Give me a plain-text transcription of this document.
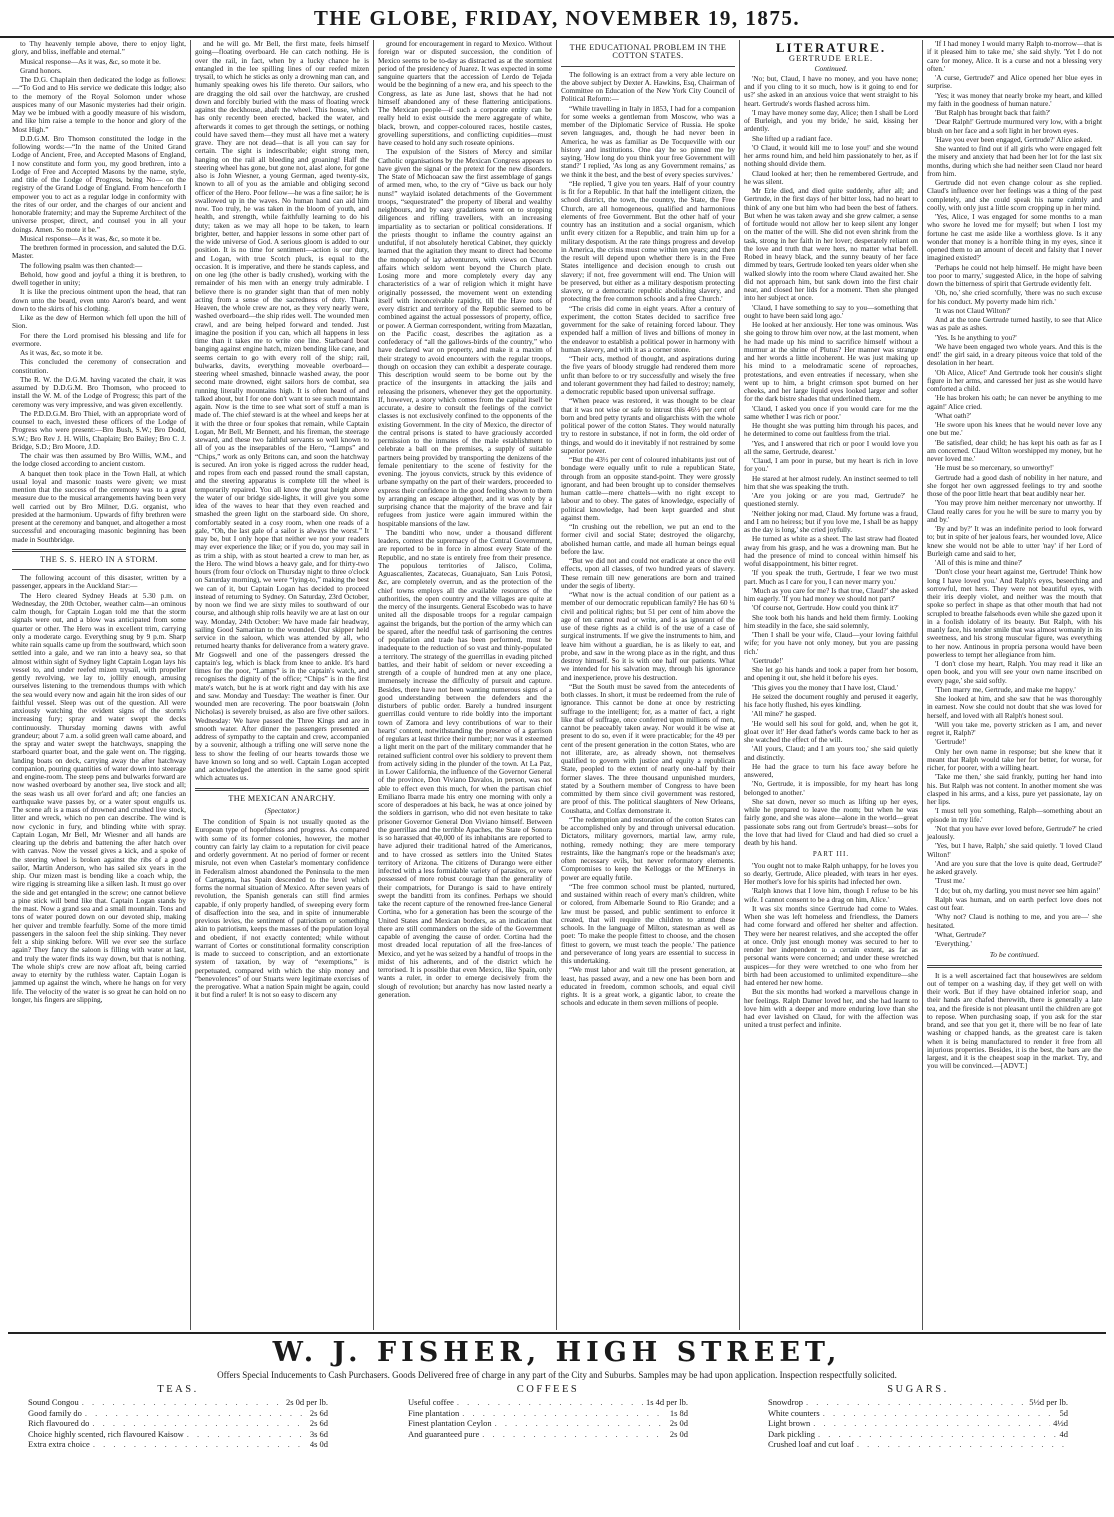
THE GLOBE, FRIDAY, NOVEMBER 19, 1875.

to Thy heavenly temple above, there to enjoy light, glory, and bliss, ineffable and eternal.”

Musical response—As it was, &c, so mote it be.

Grand honors.

The D.G. Chaplain then dedicated the lodge as follows:—“To God and to His service we dedicate this lodge; also to the memory of the Royal Solomon under whose auspices many of our Masonic mysteries had their origin. May we be imbued with a goodly measure of his wisdom, and like him raise a temple to the honor and glory of the Most High.”

D.D.G.M. Bro Thomson constituted the lodge in the following words:—“In the name of the United Grand Lodge of Ancient, Free, and Accepted Masons of England, I now constitute and form you, my good brethren, into a Lodge of Free and Accepted Masons by the name, style, and title of the Lodge of Progress, being No— on the registry of the Grand Lodge of England. From henceforth I empower you to act as a regular lodge in conformity with the rites of our order, and the charges of our ancient and honorable fraternity; and may the Supreme Architect of the universe prosper, direct, and counsel you in all your doings. Amen. So mote it be.”

Musical response—As it was, &c, so mote it be.

The brethren formed in procession, and saluted the D.G. Master.

The following psalm was then chanted:—

Behold, how good and joyful a thing it is brethren, to dwell together in unity;

It is like the precious ointment upon the head, that ran down unto the beard, even unto Aaron's beard, and went down to the skirts of his clothing.

Like as the dew of Hermon which fell upon the hill of Sion.

For there the Lord promised his blessing and life for evermore.

As it was, &c, so mote it be.

This concluded the ceremony of consecration and constitution.

The R. W. the D.G.M. having vacated the chair, it was assumed by D.D.G.M. Bro Thomson, who proceed to install the W. M. of the Lodge of Progress; this part of the ceremony was very impressive, and was given excellently.

The P.D.D.G.M. Bro Thiel, with an appropriate word of counsel to each, invested these officers of the Lodge of Progress who were present:—Bro Bush, S.W.; Bro Dodd, S.W.; Bro Rev J. H. Wills, Chaplain; Bro Bailey; Bro C. J. Bridge, S.D.; Bro Moore, J.D.

The chair was then assumed by Bro Willis, W.M., and the lodge closed according to ancient custom.

A banquet then took place in the Town Hall, at which usual loyal and masonic toasts were given; we must mention that the success of the ceremony was to a great measure due to the musical arrangements having been very well carried out by Bro Milner, D.G. organist, who presided at the harmonium. Upwards of fifty brethren were present at the ceremony and banquet, and altogether a most successful and encouraging masonic beginning has been made in Southbridge.

THE S. S. HERO IN A STORM.

The following account of this disaster, written by a passenger, appears in the Auckland Star:—

The Hero cleared Sydney Heads at 5.30 p.m. on Wednesday, the 20th October, weather calm—an ominous calm though, for Captain Logan told me that the storm signals were out, and a blow was anticipated from some quarter or other. The Hero was in excellent trim, carrying only a moderate cargo. Everything snug by 9 p.m. Sharp white rain squalls came up from the southward, which soon settled into a gale, and we ran into a heavy sea, so that almost within sight of Sydney light Captain Logan lays his vessel to, and under reefed mizen trysail, with propeller gently revolving, we lay to, jollily enough, amusing ourselves listening to the tremendous thumps with which the sea would every now and again hit the iron sides of our faithful vessel. Sleep was out of the question. All were anxiously watching the evident signs of the storm's increasing fury; spray and water swept the decks continuously. Thursday morning dawns with awful grandeur; about 7 a.m. a solid green wall came aboard, and the spray and water swept the hatchways, snapping the starboard quarter boat, and the gale went on. The rigging, landing boats on deck, carrying away the after hatchway companion, pouring quantities of water down into steerage and engine-room. The steep pens and bulwarks forward are now washed overboard by another sea, live stock and all; the seas wash us all over for'ard and aft; one fancies an earthquake wave passes by, or a water spout engulfs us. The scene aft is a mass of drowned and crushed live stock, litter and wreck, which no pen can describe. The wind is now cyclonic in fury, and blinding white with spray. Captain Logan, Mr Bell, Mr Wiesner and all hands are clearing up the debris and battening the after hatch over with canvas. Now the vessel gives a kick, and a spoke of the steering wheel is broken against the ribs of a good sailor, Martin Anderson, who has sailed six years in the ship. Our mizen mast is bending like a coach whip, the wire rigging is streaming like a silken lash. It must go over the side and get entangled in the screw; one cannot believe a pine stick will bend like that. Captain Logan stands by the mast. Now a grand sea and a small mountain. Tons and tons of water poured down on our devoted ship, making her quiver and tremble fearfully. Some of the more timid passengers in the saloon feel the ship sinking. They never felt a ship sinking before. Will we ever see the surface again? They fancy the saloon is filling with water at last, and truly the water finds its way down, but that is nothing. The whole ship's crew are now afloat aft, being carried away to eternity by the ruthless water. Captain Logan is jammed up against the winch, where he hangs on for very life. The velocity of the water is so great he can hold on no longer, his fingers are slipping,

and he will go. Mr Bell, the first mate, feels himself going—floating overboard. He can catch nothing. He is over the rail, in fact, when by a lucky chance he is entangled in the lee spilling lines of our reefed mizen trysail, to which he sticks as only a drowning man can, and humanly speaking owes his life thereto. Our sailors, who are dragging the old sail over the hatchway, are crushed down and forcibly buried with the mass of floating wreck against the deckhouse, abaft the wheel. This house, which has only recently been erected, backed the water, and afterwards it comes to get through the settings, or nothing could have saved them—they must all have met a watery grave. They are not dead—that is all you can say for certain. The sight is indescribable; eight strong men, hanging on the rail all bleeding and groaning! Half the steering wheel has gone, but gone not, alas! alone, for gone also is John Wiesner, a young German, aged twenty-six, known to all of you as the amiable and obliging second officer of the Hero. Poor fellow—he was a fine sailor; he is swallowed up in the waves. No human hand can aid him now. Too truly, he was taken in the bloom of youth, and health, and strength, while faithfully learning to do his duty; taken as we may all hope to be taken, to learn brighter, better, and happier lessons in some other part of the wide universe of God. A serious gloom is added to our position. It is no time for sentiment—action is our duty, and Logan, with true Scotch pluck, is equal to the occasion. It is imperative, and there he stands capless, and on one leg (the other is badly crushed), working with the remainder of his men with an energy truly admirable. I believe there is no grander sight than that of men nobly acting from a sense of the sacredness of duty. Thank Heaven, the whole crew are not, as they very nearly were, washed overboard—the ship rides well. The wounded men crawl, and are being helped forward and tended. Just imagine the position if you can, which all happens in less time than it takes me to write one line. Starboard boat banging against engine hatch, mizen bending like cane, and seems certain to go with every roll of the ship; rail, bulwarks, davits, everything moveable overboard—steering wheel smashed, binnacle washed away, the poor second mate drowned, eight sailors hors de combat, sea running literally mountains high. It is often heard of and talked about, but I for one don't want to see such mountains again. Now is the time to see what sort of stuff a man is made of. The chief steward is at the wheel and keeps her at it with the three or four spokes that remain, while Captain Logan, Mr Bell, Mr Bennett, and his fireman, the steerage steward, and these two faithful servants so well known to all of you as the inseparables of the Hero, “Lamps” and “Chips,” work as only Britons can, and soon the hatchway is secured. An iron yoke is rigged across the rudder head, and ropes from each end passed round the small capstan, and the steering apparatus is complete till the wheel is temporarily repaired. You all know the great height above the water of our bridge side-lights, it will give you some idea of the waves to hear that they even reached and smashed the green light on the starboard side. On shore, comfortably seated in a cosy room, when one reads of a gale, “Oh, the last gale of a sailor is always the worst.” It may be, but I only hope that neither we nor your readers may ever experience the like; or if you do, you may sail in as trim a ship, with as stout hearted a crew to man her, as the Hero. The wind blows a heavy gale, and for thirty-two hours (from four o'clock on Thursday night to three o'clock on Saturday morning), we were “lying-to,” making the best we can of it, but Captain Logan has decided to proceed instead of returning to Sydney. On Saturday, 23rd October, by noon we find we are sixty miles to southward of our course, and although ship rolls heavily we are at last on our way. Monday, 24th October: We have made fair headway, sailing Good Samaritan to the wounded. Our skipper held service in the saloon, which was attended by all, who returned hearty thanks for deliverance from a watery grave. Mr Gogswell and one of the passengers dressed the captain's leg, which is black from knee to ankle. It's hard times for the poor, “Lamps” is in the captain's watch, and recognises the dignity of the office; “Chips” is in the first mate's watch, but he is at work right and day with his axe and saw. Monday and Tuesday: The weather is finer. Our wounded men are recovering. The poor boatswain (John Nicholas) is severely bruised, as also are five other sailors. Wednesday: We have passed the Three Kings and are in smooth water. After dinner the passengers presented an address of sympathy to the captain and crew, accompanied by a souvenir, although a trifling one will serve none the less to show the feeling of our hearts towards those we have known so long and so well. Captain Logan accepted and acknowledged the attention in the same good spirit which actuates us.

THE MEXICAN ANARCHY.
(Spectator.)

The condition of Spain is not usually quoted as the European type of hopefulness and progress. As compared with some of its former colonies, however, the mother country can fairly lay claim to a reputation for civil peace and orderly government. At no period of former or recent misrule, not even when Castelar's momentary confidence in Federalism almost abandoned the Peninsula to the men of Cartagena, has Spain descended to the level which forms the normal situation of Mexico. After seven years of revolution, the Spanish generals can still find armies capable, if only properly handled, of sweeping every form of disaffection into the sea, and in spite of innumerable previous levies, the sentiment of patriotism or something akin to patriotism, keeps the masses of the population loyal and obedient, if not exactly contented; while without warrant of Cortes or constitutional formality conscription is made to succeed to conscription, and an extortionate system of taxation, by way of “exemptions,” is perpetuated, compared with which the ship money and “benevolences” of our Stuarts were legitimate exercises of the prerogative. What a nation Spain might be again, could it but find a ruler! It is not so easy to discern any

ground for encouragement in regard to Mexico. Without foreign war or disputed succession, the condition of Mexico seems to be to-day as distracted as at the stormiest period of the presidency of Juarez. It was expected in some sanguine quarters that the accession of Lerdo de Tejada would be the beginning of a new era, and his speech to the Congress, as late as June last, shows that he had not himself abandoned any of these flattering anticipations. The Mexican people—if such a corporate entity can be really held to exist outside the mere aggregate of white, black, brown, and copper-coloured races, hostile castes, grovelling superstitions, and conflicting cupidities—must have ceased to hold any such roseate opinions.

The expulsion of the Sisters of Mercy and similar Catholic organisations by the Mexican Congress appears to have given the signal or the pretext for the new disorders. The State of Michoacan saw the first assemblage of gangs of armed men, who, to the cry of “Give us back our holy nuns!” waylaid isolated detachments of the Government troops, “sequestrated” the property of liberal and wealthy neighbours, and by easy gradations went on to stopping diligences and rifling travellers, with an increasing impartiality as to sectarian or political considerations. If the priests thought to inflame the country against an undutiful, if not absolutely heretical Cabinet, they quickly learned that the agitation they meant to direct had become the monopoly of lay adventurers, with views on Church affairs which seldom went beyond the Church plate. Losing more and more completely every day any characteristics of a war of religion which it might have originally possessed, the movement went on extending itself with inconceivable rapidity, till the Have nots of every district and territory of the Republic seemed to be combined against the actual possessors of property, office, or power. A German correspondent, writing from Mazatlan, on the Pacific coast, describes the agitation as a confederacy of “all the gallows-birds of the country,” who have declared war on property, and make it a maxim of their strategy to avoid encounters with the regular troops, though on occasion they can exhibit a desperate courage. This description would seem to be borne out by the practice of the insurgents in attacking the jails and releasing the prisoners, whenever they get the opportunity. If, however, a story which comes from the capital itself be accurate, a desire to consult the feelings of the convict classes is not exclusively confined to the opponents of the existing Government. In the city of Mexico, the director of the central prisons is stated to have graciously accorded permission to the inmates of the male establishment to celebrate a ball on the premises, a supply of suitable partners being provided by transporting the denizens of the female penitentiary to the scene of festivity for the evening. The joyous convicts, struck by this evidence of urbane sympathy on the part of their warders, proceeded to express their confidence in the good feeling shown to them by arranging an escape altogether, and it was only by a surprising chance that the majority of the brave and fair refugees from justice were again immured within the hospitable mansions of the law.

The banditti who now, under a thousand different leaders, contest the supremacy of the Central Government, are reported to be in force in almost every State of the Republic, and no state is entirely free from their presence. The populous territories of Jalisco, Colima, Aguascalientes, Zacatecas, Guanajuato, San Luis Potosi, &c, are completely overrun, and as the protection of the chief towns employs all the available resources of the authorities, the open country and the villages are quite at the mercy of the insurgents. General Escobedo was to have united all the disposable troops for a regular campaign against the brigands, but the portion of the army which can be spared, after the needful task of garrisoning the centres of population and trade has been performed, must be inadequate to the reduction of so vast and thinly-populated a territory. The strategy of the guerrillas in evading pitched battles, and their habit of seldom or never exceeding a strength of a couple of hundred men at any one place, immensely increase the difficulty of pursuit and capture. Besides, there have not been wanting numerous signs of a good understanding between the defenders and the disturbers of public order. Barely a hundred insurgent guerrillas could venture to ride boldly into the important town of Zamora and levy contributions of war to their hearts' content, notwithstanding the presence of a garrison of regulars at least thrice their number; nor was it esteemed a light merit on the part of the military commander that he retained sufficient control over his soldiery to prevent them from actively siding in the plunder of the town. At La Paz, in Lower California, the influence of the Governor General of the province, Don Viviano Davalos, in person, was not able to effect even this much, for when the partisan chief Emiliano Ibarra made his entry one morning with only a score of desperadoes at his back, he was at once joined by the soldiers in garrison, who did not even hesitate to take prisoner Governor General Don Viviano himself. Between the guerrillas and the terrible Apaches, the State of Sonora is so harassed that 40,000 of its inhabitants are reported to have adjured their traditional hatred of the Americanos, and to have crossed as settlers into the United States territory of Arizona. The citizens of Durango were either infected with a less formidable variety of parasites, or were possessed of more robust courage than the generality of their compatriots, for Durango is said to have entirely swept the banditti from its confines. Perhaps we should take the recent capture of the renowned free-lance General Cortina, who for a generation has been the scourge of the United States and Mexican borders, as an indication that there are still commanders on the side of the Government capable of avenging the cause of order. Cortina had the most dreaded local reputation of all the free-lances of Mexico, and yet he was seized by a handful of troops in the midst of his adherents, and of the district which he terrorised. It is possible that even Mexico, like Spain, only wants a ruler, in order to emerge decisively from the slough of revolution; but anarchy has now lasted nearly a generation.

THE EDUCATIONAL PROBLEM IN THE COTTON STATES.

The following is an extract from a very able lecture on the above subject by Dexter A. Hawkins, Esq, Chairman of Committee on Education of the New York City Council of Political Reform:—

“While travelling in Italy in 1853, I had for a companion for some weeks a gentleman from Moscow, who was a member of the Diplomatic Service of Russia. He spoke seven languages, and, though he had never been in America, he was as familiar as De Tocqueville with our history and institutions. One day he so pinned me by saying, 'How long do you think your free Government will stand?' I replied, 'As long as any Government remains,' as we think it the best, and the best of every species survives.'

“He replied, 'I give you ten years. Half of your country is fit for a Republic. In that half the intelligent citizen, the school district, the town, the country, the State, the Free Church, are all homogeneous, qualified and harmonious elements of free Government. But the other half of your country has an institution and a social organism, which unfit every citizen for a Republic, and train him up for a military despotism. At the rate things progress and develop in America, the crisis must come within ten years; and then the result will depend upon whether there is in the Free States intelligence and decision enough to crush out slavery; if not, free government will end. The Union will be preserved, but either as a military despotism protecting slavery, or a democratic republic abolishing slavery, and protecting the free common schools and a free Church.'

“The crisis did come in eight years. After a century of experiment, the cotton States decided to sacrifice free government for the sake of retaining forced labour. They expended half a million of lives and billions of money in the endeavor to establish a political power in harmony with human slavery, and with it as a corner stone.

“Their acts, method of thought, and aspirations during the five years of bloody struggle had rendered them more unfit than before to or try successfully and wisely the free and tolerant government they had failed to destroy; namely, a democratic republic based upon universal suffrage.

“When peace was restored, it was thought to be clear that it was not wise or safe to intrust this 46½ per cent of born and bred petty tyrants and oligarchists with the whole political power of the cotton States. They would naturally try to restore in substance, if not in form, the old order of things, and would do it inevitably if not restrained by some superior power.

“But the 43½ per cent of coloured inhabitants just out of bondage were equally unfit to rule a republican State, through from an opposite stand-point. They were grossly ignorant, and had been brought up to consider themselves human cattle—mere chattels—with no right except to labour and to obey. The gates of knowledge, especially of political knowledge, had been kept guarded and shut against them.

“In crushing out the rebellion, we put an end to the former civil and social State; destroyed the oligarchy, abolished human cattle, and made all human beings equal before the law.

“But we did not and could not eradicate at once the evil effects, upon all classes, of two hundred years of slavery. These remain till new generations are born and trained under the segis of liberty.

“What now is the actual condition of our patient as a member of our democratic republican family? He has 60 ¼ civil and political rights; but 51 per cent of him above the age of ten cannot read or write, and is as ignorant of the use of these rights as a child is of the use of a case of surgical instruments. If we give the instruments to him, and leave him without a guardian, he is as likely to eat, and probe, and saw in the wrong place as in the right, and thus destroy himself. So it is with one half our patients. What we intended for his salvation may, through his ignorance and inexperience, prove his destruction.

“But the South must be saved from the antecedents of both classes. In short, it must be redeemed from the rule of ignorance. This cannot be done at once by restricting suffrage to the intelligent; for, as a matter of fact, a right like that of suffrage, once conferred upon millions of men, cannot be peaceably taken away. Nor would it be wise at present to do so, even if it were practicable; for the 49 per cent of the present generation in the cotton States, who are not illiterate, are, as already shown, not themselves qualified to govern with justice and equity a republican State, peopled to the extent of nearly one-half by their former slaves. The three thousand unpunished murders, stated by a Southern member of Congress to have been committed by them since civil government was restored, are proof of this. The political slaughters of New Orleans, Coushatta, and Colfax demonstrate it.

“The redemption and restoration of the cotton States can be accomplished only by and through universal education. Dictators, military governors, martial law, army rule, nothing, remedy nothing; they are mere temporary restraints, like the hangman's rope or the headsman's axe; often necessary evils, but never reformatory elements. Compromises to keep the Kelloggs or the M'Enerys in power are equally futile.

“The free common school must be planted, nurtured, and sustained within reach of every man's children, white or colored, from Albemarle Sound to Rio Grande; and a law must be passed, and public sentiment to enforce it created, that will require the children to attend these schools. In the language of Milton, statesman as well as poet: 'To make the people fittest to choose, and the chosen fittest to govern, we must teach the people.' The patience and perseverance of long years are essential to success in this undertaking.

“We must labor and wait till the present generation, at least, has passed away, and a new one has been born and educated in freedom, common schools, and equal civil rights. It is a great work, a gigantic labor, to create the schools and educate in them seven millions of people.

LITERATURE.
GERTRUDE ERLE.
Continued.

'No; but, Claud, I have no money, and you have none; and if you cling to it so much, how is it going to end for us?' she asked in an anxious voice that went straight to his heart. Gertrude's words flashed across him.

'I may have money some day, Alice; then I shall be Lord of Burleigh, and you my bride,' he said, kissing her ardently.

She lifted up a radiant face.

'O Claud, it would kill me to lose you!' and she wound her arms round him, and held him passionately to her, as if nothing should divide them.

Claud looked at her; then he remembered Gertrude, and he was silent.

Mr Erle died, and died quite suddenly, after all; and Gertrude, in the first days of her bitter loss, had no heart to think of any one but him who had been the best of fathers. But when he was taken away and she grew calmer, a sense of fortitude would not allow her to keep silent any longer on the matter of the will. She did not even shrink from the task, strong in her faith in her lover; desperately reliant on the love and truth that were hers, no matter what befell. Robed in heavy black, and the sunny beauty of her face dimmed by tears, Gertrude looked ten years older when she walked slowly into the room where Claud awaited her. She did not approach him, but sank down into the first chair near, and closed her lids for a moment. Then she plunged into her subject at once.

'Claud, I have something to say to you—something that ought to have been said long ago.'

He looked at her anxiously. Her tone was ominous. Was she going to throw him over now, at the last moment, when he had made up his mind to sacrifice himself without a murmur at the shrine of Plutus? Her manner was strange and her words a little incoherent. He was just making up his mind to a melodramatic scene of reproaches, protestations, and even entreaties if necessary, when she went up to him, a bright crimson spot burned on her cheeks, and her large liquid eyes looked larger and softer for the dark bistre shades that underlined them.

'Claud, I asked you once if you would care for me the same whether I was rich or poor.'

He thought she was putting him through his paces, and he determined to come out faultless from the trial.

'Yes, and I answered that rich or poor I would love you all the same, Gertrude, dearest.'

'Claud, I am poor in purse, but my heart is rich in love for you.'

He stared at her almost rudely. An instinct seemed to tell him that she was speaking the truth.

'Are you joking or are you mad, Gertrude?' he questioned sternly.

'Neither joking nor mad, Claud. My fortune was a fraud, and I am no heiress; but if you love me, I shall be as happy as the day is long,' she cried joyfully.

He turned as white as a sheet. The last straw had floated away from his grasp, and he was a drowning man. But he had the presence of mind to conceal within himself his woful disappointment, his bitter regret.

'If you speak the truth, Gertrude, I fear we two must part. Much as I care for you, I can never marry you.'

'Much as you care for me? Is that true, Claud?' she asked him eagerly. 'If you had money we should not part?'

'Of course not, Gertrude. How could you think it?'

She took both his hands and held them firmly. Looking him steadily in the face, she said solemnly,

'Then I shall be your wife, Claud—your loving faithful wife; for you have not only money, but you are passing rich.'

'Gertrude!'

She let go his hands and took a paper from her bosom, and opening it out, she held it before his eyes.

'This gives you the money that I have lost, Claud.'

He seized the document roughly and perused it eagerly, his face hotly flushed, his eyes kindling.

'All mine?' he gasped.

'He would sell his soul for gold, and, when he got it, gloat over it!' Her dead father's words came back to her as she watched the effect of the will.

'All yours, Claud; and I am yours too,' she said quietly and distinctly.

He had the grace to turn his face away before he answered,

'No, Gertrude, it is impossible, for my heart has long belonged to another.'

She sat down, never so much as lifting up her eyes, while he prepared to leave the room; but when he was fairly gone, and she was alone—alone in the world—great passionate sobs rang out from Gertrude's breast—sobs for the love that had lived for Claud and had died so cruel a death by his hand.

PART III.

'You ought not to make Ralph unhappy, for he loves you so dearly, Gertrude, Alice pleaded, with tears in her eyes. Her mother's love for his spirits had infected her own.

'Ralph knows that I love him, though I refuse to be his wife. I cannot consent to be a drag on him, Alice.'

It was six months since Gertrude had come to Wales. When she was left homeless and friendless, the Damers had come forward and offered her shelter and affection. They were her nearest relatives, and she accepted the offer at once. Only just enough money was secured to her to render her independent to a certain extent, as far as personal wants were concerned; and under these wretched auspices—for they were wretched to one who from her birth had been accustomed to unlimited expenditure—she had entered her new home.

But the six months had worked a marvellous change in her feelings. Ralph Damer loved her, and she had learnt to love him with a deeper and more enduring love than she had ever lavished on Claud, for with the affection was united a trust perfect and infinite.

'If I had money I would marry Ralph to-morrow—that is if it pleased him to take me,' she said shyly. 'Yet I do not care for money, Alice. It is a curse and not a blessing very often.'

'A curse, Gertrude?' and Alice opened her blue eyes in surprise.

'Yes; it was money that nearly broke my heart, and killed my faith in the goodness of human nature.'

'But Ralph has brought back that faith?'

'Dear Ralph!' Gertrude murmured very low, with a bright blush on her face and a soft light in her brown eyes.

'Have you ever been engaged, Gertrude?' Alice asked.

She wanted to find out if all girls who were engaged felt the misery and anxiety that had been her lot for the last six months, during which she had neither seen Claud nor heard from him.

Gertrude did not even change colour as she replied. Claud's influence over her feelings was a thing of the past completely, and she could speak his name calmly and coolly, with only just a little scorn cropping up in her mind.

'Yes, Alice, I was engaged for some months to a man who swore he loved me for myself; but when I lost my fortune he cast me aside like a worthless glove. Is it any wonder that money is a horrible thing in my eyes, since it opened them to an amount of deceit and falsity that I never imagined existed?'

'Perhaps he could not help himself. He might have been too poor to marry,' suggested Alice, in the hope of salving down the bitterness of spirit that Gertrude evidently felt.

'Oh, no,' she cried scornfully, 'there was no such excuse for his conduct. My poverty made him rich.'

'It was not Claud Wilton?'

And at the tone Gertrude turned hastily, to see that Alice was as pale as ashes.

'Yes. Is he anything to you?'

'We have been engaged two whole years. And this is the end!' the girl said, in a dreary piteous voice that told of the desolation in her heart.

'Oh Alice, Alice!' And Gertrude took her cousin's slight figure in her arms, and caressed her just as she would have comforted a child.

'He has broken his oath; he can never be anything to me again!' Alice cried.

'What oath?'

'He swore upon his knees that he would never love any one but me.'

'Be satisfied, dear child; he has kept his oath as far as I am concerned. Claud Wilton worshipped my money, but he never loved me.'

'He must be so mercenary, so unworthy!'

Gertrude had a good dash of nobility in her nature, and she forgot her own aggressed feelings to try and soothe those of the poor little heart that beat audibly near her.

'You may prove him neither mercenary nor unworthy. If Claud really cares for you he will be sure to marry you by and by.'

'By and by?' It was an indefinite period to look forward to; but in spite of her jealous fears, her wounded love, Alice knew she would not be able to utter 'nay' if her Lord of Burleigh came and said to her,

'All of this is mine and thine?'

'Don't close your heart against me, Gertrude! Think how long I have loved you.' And Ralph's eyes, beseeching and sorrowful, met hers. They were not beautiful eyes, with their iris deeply violet, and neither was the mouth that spoke so perfect in shape as that other mouth that had not scrupled to breathe falsehoods even while she gazed upon it in a foolish idolatry of its beauty. But Ralph, with his manly face, his tender smile that was almost womanly in its sweetness, and his strong muscular figure, was everything to her now. Antinous in propria persona would have been powerless to tempt her allegiance from him.

'I don't close my heart, Ralph. You may read it like an open book, and you will see your own name inscribed on every page,' she said softly.

'Then marry me, Gertrude, and make me happy.'

She looked at him, and she saw that he was thoroughly in earnest. Now she could not doubt that she was loved for herself, and loved with all Ralph's honest soul.

'Will you take me, poverty stricken as I am, and never regret it, Ralph?'

'Gertrude!'

Only her own name in response; but she knew that it meant that Ralph would take her for better, for worse, for richer, for poorer, with a willing heart.

'Take me then,' she said frankly, putting her hand into his. But Ralph was not content. In another moment she was clasped in his arms, and a kiss, pure yet passionate, lay on her lips.

'I must tell you something, Ralph—something about an episode in my life.'

'Not that you have ever loved before, Gertrude?' he cried jealously.

'Yes, but I have, Ralph,' she said quietly. 'I loved Claud Wilton!'

'And are you sure that the love is quite dead, Gertrude?' he asked gravely.

'Trust me.'

'I do; but oh, my darling, you must never see him again!'

Ralph was human, and on earth perfect love does not cast out fear.

'Why not? Claud is nothing to me, and you are—' she hesitated.

'What, Gertrude?'

'Everything.'

To be continued.

It is a well ascertained fact that housewives are seldom out of temper on a washing day, if they get well on with their work. But if they have obtained inferior soap, and their hands are chafed therewith, there is generally a late tea, and the fireside is not pleasant until the children are got to repose. When purchasing soap, if you ask for the star brand, and see that you get it, there will be no fear of late washing or chapped hands, as the greatest care is taken when it is being manufactured to render it free from all injurious properties. Besides, it is the best, the bars are the largest, and it is the cheapest soap in the market. Try, and you will be convinced.—[ADVT.]

W. J. FISHER, HIGH STREET,
Offers Special Inducements to Cash Purchasers. Goods Delivered free of charge in any part of the City and Suburbs. Samples may be had upon application. Inspection respectfully solicited.
TEAS.
Sound Congou . . .	2s 0d per lb.
Good family do . . .	2s 6d
Rich flavoured do . . .	2s 6d
Choice highly scented, rich flavoured Kaisow . . .	3s 6d
Extra extra choice . . .	4s 0d
COFFEES
Useful coffee . . .	1s 4d per lb.
Fine plantation . . .	1s 8d
Finest plantation Ceylon . . .	2s 0d
And guaranteed pure . . .	2s 0d
SUGARS.
Snowdrop . . .	5½d per lb.
White counters . . .	5d
Light brown . . .	4½d
Dark pickling . . .	4d
Crushed loaf and cut loaf
. . .
